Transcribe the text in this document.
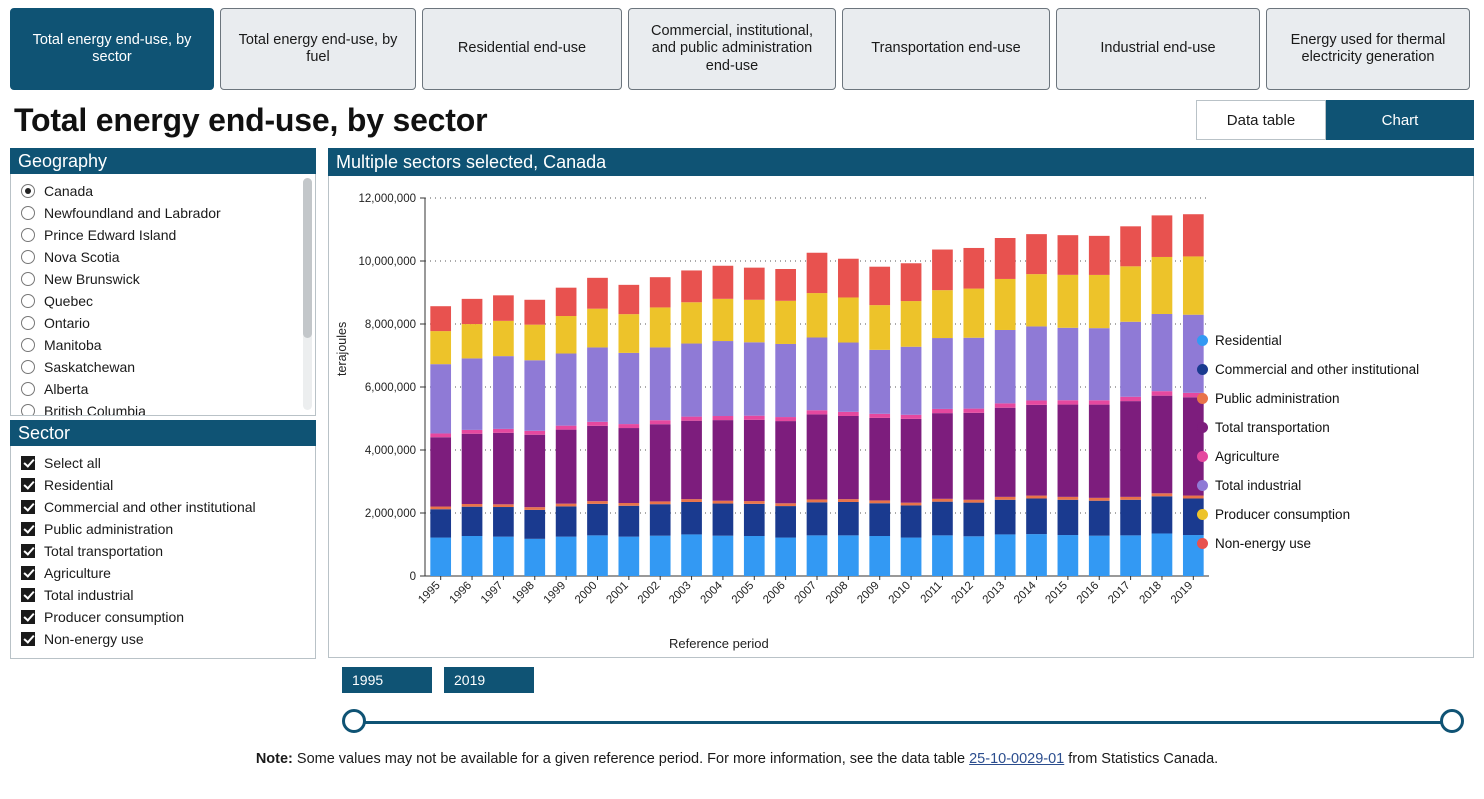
Total energy end-use, by sector
Total energy end-use, by fuel
Residential end-use
Commercial, institutional, and public administration end-use
Transportation end-use	Industrial end-use
Energy used for thermal electricity generation
Total energy end-use, by sector	Data table	Chart
Geography
Canada
Newfoundland and Labrador
Prince Edward Island
Nova Scotia
New Brunswick
Quebec
Ontario
Manitoba
Saskatchewan
Alberta
British Columbia
Sector
Select all
Residential
Commercial and other institutional
Public administration
Total transportation
Agriculture
Total industrial
Producer consumption
Non-energy use
Multiple sectors selected, Canada
terajoules
0
2,000,000
4,000,000
6,000,000
8,000,000
10,000,000
12,000,000
1995 1996 1997 1998 1999 2000 2001 2002 2003 2004 2005 2006 2007 2008 2009 2010 2011 2012 2013 2014 2015 2016 2017 2018 2019
Reference period
Residential
Commercial and other institutional
Public administration
Total transportation
Agriculture
Total industrial
Producer consumption
Non-energy use
1995	2019
Note: Some values may not be available for a given reference period. For more information, see the data table 25-10-0029-01 from Statistics Canada.
